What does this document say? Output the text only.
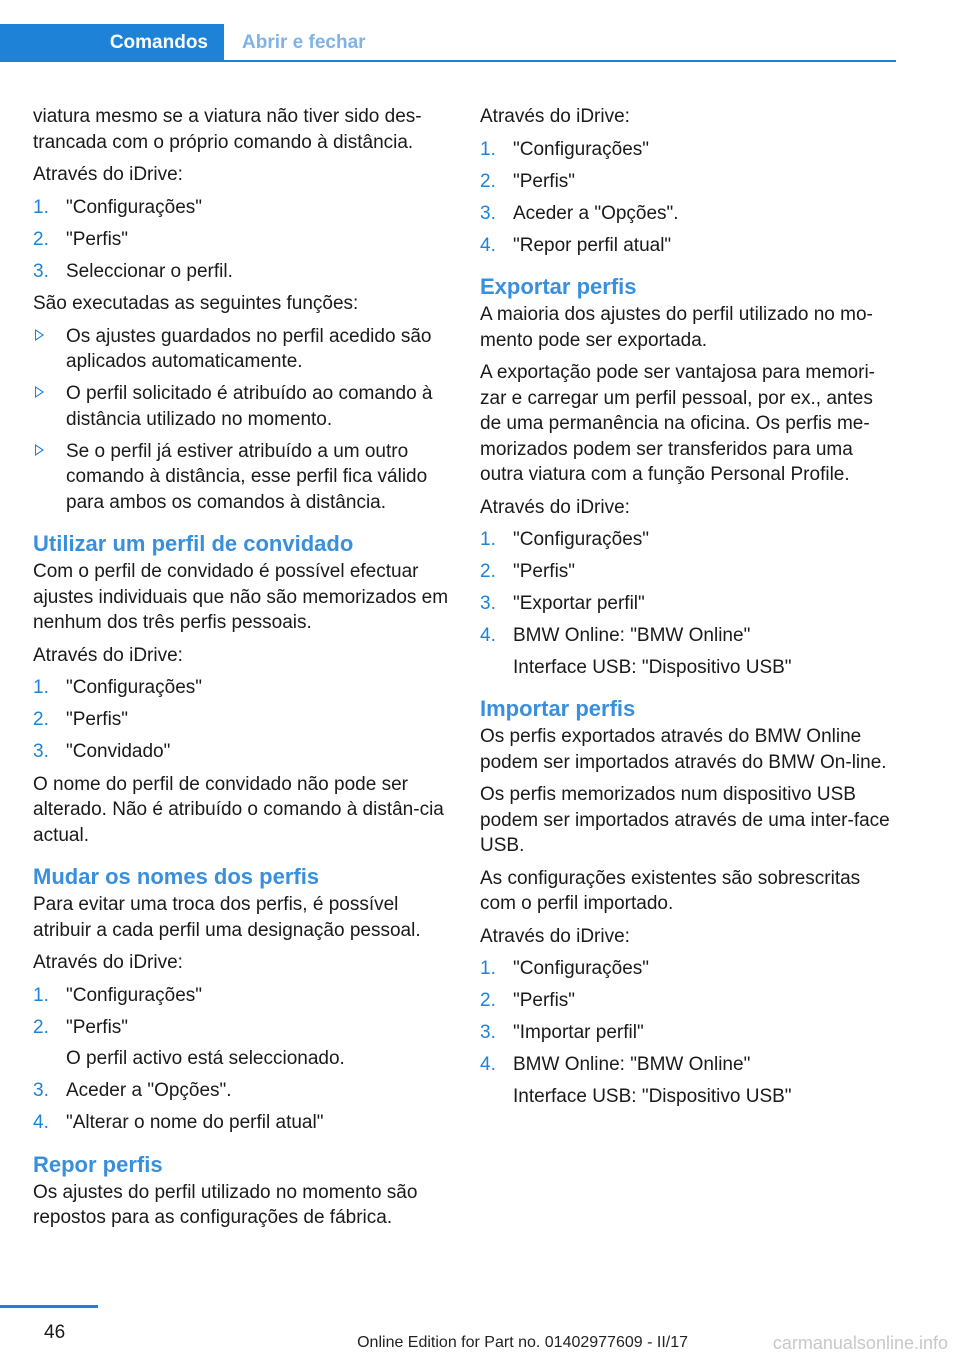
Comandos	Abrir e fechar

viatura mesmo se a viatura não tiver sido des-trancada com o próprio comando à distância.

Através do iDrive:

1. "Configurações"
2. "Perfis"
3. Seleccionar o perfil.

São executadas as seguintes funções:

Os ajustes guardados no perfil acedido são aplicados automaticamente.
O perfil solicitado é atribuído ao comando à distância utilizado no momento.
Se o perfil já estiver atribuído a um outro comando à distância, esse perfil fica válido para ambos os comandos à distância.
Utilizar um perfil de convidado

Com o perfil de convidado é possível efectuar ajustes individuais que não são memorizados em nenhum dos três perfis pessoais.

Através do iDrive:

1. "Configurações"
2. "Perfis"
3. "Convidado"

O nome do perfil de convidado não pode ser alterado. Não é atribuído o comando à distân-cia actual.

Mudar os nomes dos perfis

Para evitar uma troca dos perfis, é possível atribuir a cada perfil uma designação pessoal.

Através do iDrive:

1. "Configurações"
2. "Perfis"
O perfil activo está seleccionado.
3. Aceder a "Opções".
4. "Alterar o nome do perfil atual"
Repor perfis

Os ajustes do perfil utilizado no momento são repostos para as configurações de fábrica.

Através do iDrive:

1. "Configurações"
2. "Perfis"
3. Aceder a "Opções".
4. "Repor perfil atual"
Exportar perfis

A maioria dos ajustes do perfil utilizado no mo-mento pode ser exportada.

A exportação pode ser vantajosa para memori-zar e carregar um perfil pessoal, por ex., antes de uma permanência na oficina. Os perfis me-morizados podem ser transferidos para uma outra viatura com a função Personal Profile.

Através do iDrive:

1. "Configurações"
2. "Perfis"
3. "Exportar perfil"
4. BMW Online: "BMW Online"
Interface USB: "Dispositivo USB"
Importar perfis

Os perfis exportados através do BMW Online podem ser importados através do BMW On-line.

Os perfis memorizados num dispositivo USB podem ser importados através de uma inter-face USB.

As configurações existentes são sobrescritas com o perfil importado.

Através do iDrive:

1. "Configurações"
2. "Perfis"
3. "Importar perfil"
4. BMW Online: "BMW Online"
Interface USB: "Dispositivo USB"
46	Online Edition for Part no. 01402977609 - II/17	carmanualsonline.info
